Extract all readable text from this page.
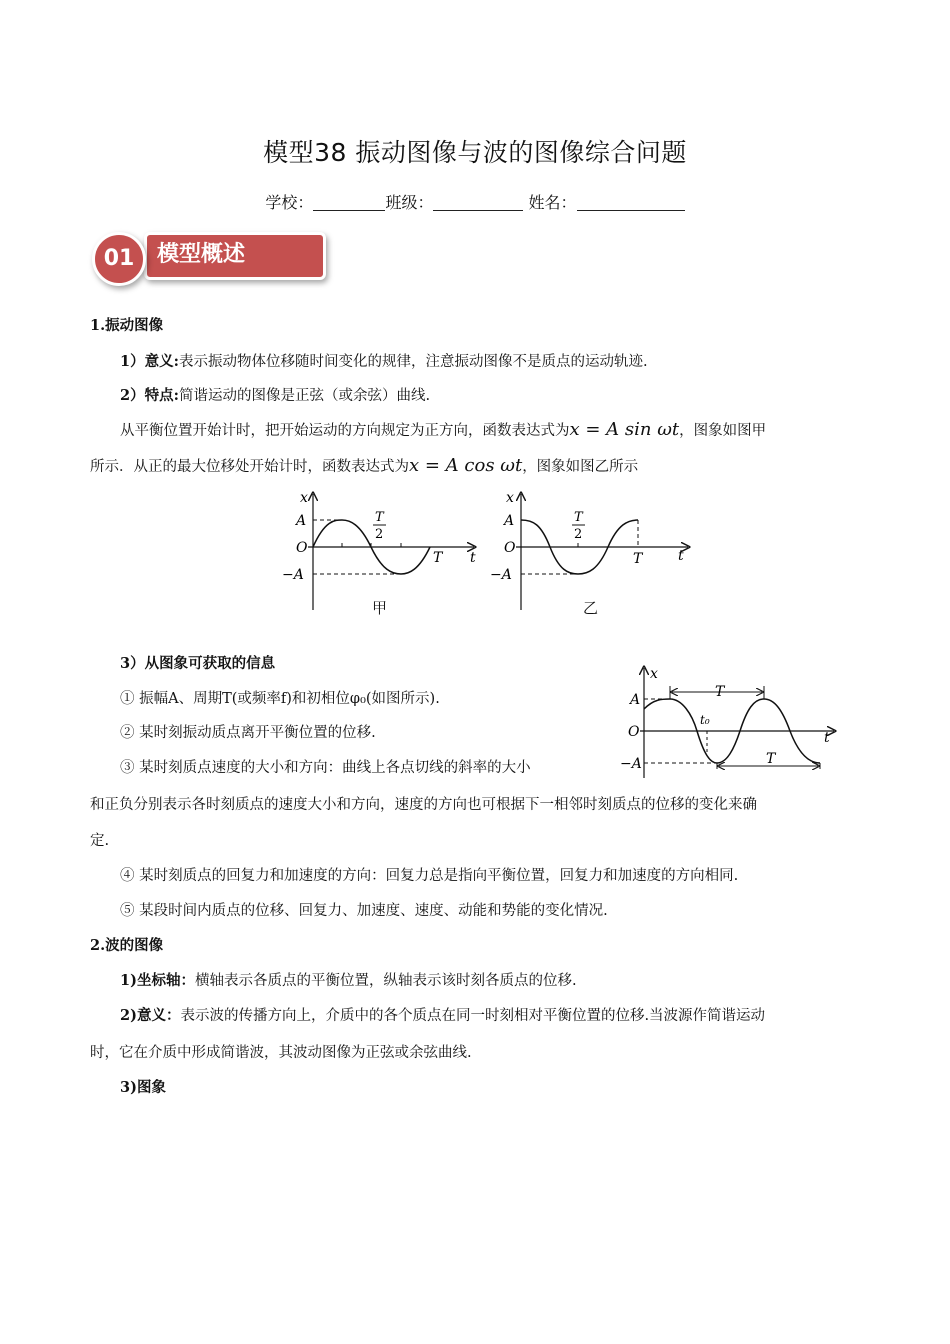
模型38 振动图像与波的图像综合问题
学校：	班级：	姓名：
01	模型概述
1.振动图像
1）意义:表示振动物体位移随时间变化的规律，注意振动图像不是质点的运动轨迹.
2）特点:简谐运动的图像是正弦（或余弦）曲线.
从平衡位置开始计时，把开始运动的方向规定为正方向，函数表达式为x = A sin ωt，图象如图甲
所示．从正的最大位移处开始计时，函数表达式为x = A cos ωt，图象如图乙所示
x
A
O
−A
T
2
T t
甲
x
A
O
−A
T
2
T	t
乙
3）从图象可获取的信息
① 振幅A、周期T(或频率f)和初相位φ₀(如图所示).
② 某时刻振动质点离开平衡位置的位移.
③ 某时刻质点速度的大小和方向：曲线上各点切线的斜率的大小
和正负分别表示各时刻质点的速度大小和方向，速度的方向也可根据下一相邻时刻质点的位移的变化来确
定.
④ 某时刻质点的回复力和加速度的方向：回复力总是指向平衡位置，回复力和加速度的方向相同.
⑤ 某段时间内质点的位移、回复力、加速度、速度、动能和势能的变化情况.
x
A
O
−A
T
t₀
T
t
2.波的图像
1)坐标轴：横轴表示各质点的平衡位置，纵轴表示该时刻各质点的位移.
2)意义：表示波的传播方向上，介质中的各个质点在同一时刻相对平衡位置的位移.当波源作简谐运动
时，它在介质中形成简谐波，其波动图像为正弦或余弦曲线.
3)图象
